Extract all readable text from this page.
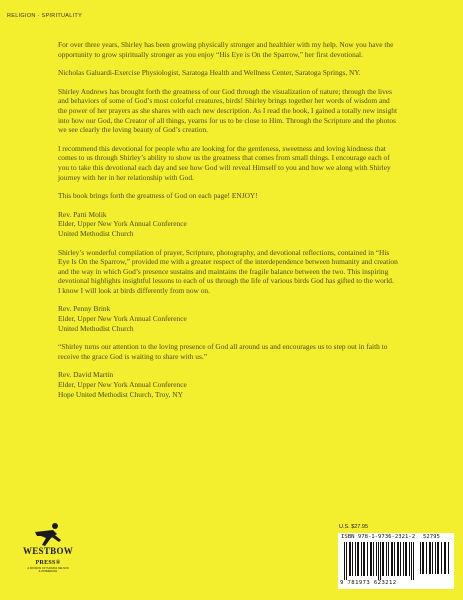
RELIGION · SPIRITUALITY

For over three years, Shirley has been growing physically stronger and healthier with my help. Now you have the opportunity to grow spiritually stronger as you enjoy “His Eye is On the Sparrow,” her first devotional.

Nicholas Galuardi-Exercise Physiologist, Saratoga Health and Wellness Center, Saratoga Springs, NY.

Shirley Andrews has brought forth the greatness of our God through the visualization of nature; through the lives and behaviors of some of God’s most colorful creatures, birds! Shirley brings together her words of wisdom and the power of her prayers as she shares with each new description. As I read the book, I gained a totally new insight into how our God, the Creator of all things, yearns for us to be close to Him. Through the Scripture and the photos we see clearly the loving beauty of God’s creation.

I recommend this devotional for people who are looking for the gentleness, sweetness and loving kindness that comes to us through Shirley’s ability to show us the greatness that comes from small things. I encourage each of you to take this devotional each day and see how God will reveal Himself to you and how we along with Shirley journey with her in her relationship with God.

This book brings forth the greatness of God on each page! ENJOY!

Rev. Patti Molik
Elder, Upper New York Annual Conference
United Methodist Church

Shirley’s wonderful compilation of prayer, Scripture, photography, and devotional reflections, contained in “His Eye Is On the Sparrow,” provided me with a greater respect of the interdependence between humanity and creation and the way in which God’s presence sustains and maintains the fragile balance between the two. This inspiring devotional highlights insightful lessons to each of us through the life of various birds God has gifted to the world. I know I will look at birds differently from now on.

Rev. Penny Brink
Elder, Upper New York Annual Conference
United Methodist Church

“Shirley turns our attention to the loving presence of God all around us and encourages us to step out in faith to receive the grace God is waiting to share with us.”

Rev. David Martin
Elder, Upper New York Annual Conference
Hope United Methodist Church, Troy, NY
WESTBOW
PRESS®
A DIVISION OF THOMAS NELSON
& ZONDERVAN
U.S. $27.95
ISBN 978-1-9736-2321-2 52795
9 781973 623212
